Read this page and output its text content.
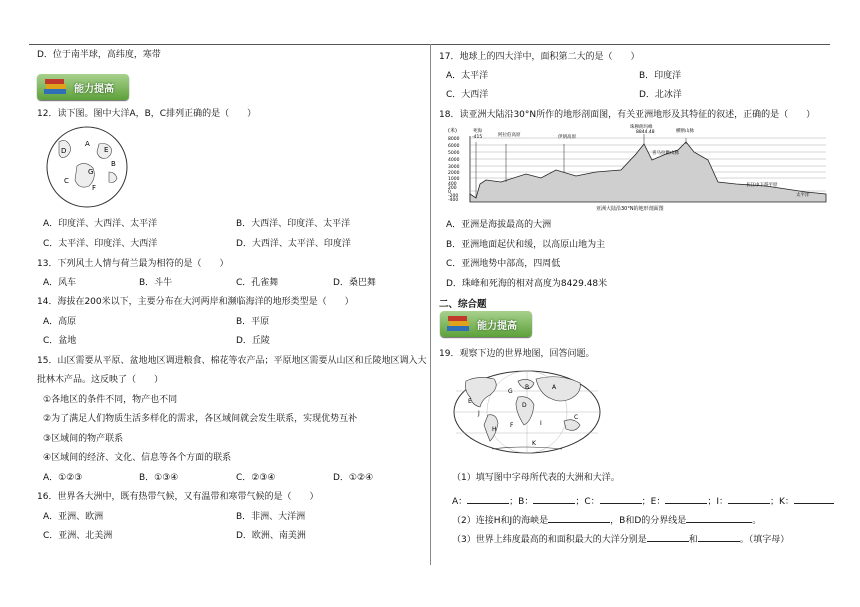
D．位于南半球，高纬度，寒带
能力提高
12．读下图。图中大洋A，B，C排列正确的是（　　）
D
A
E
B
G
C
F
A．印度洋、大西洋、太平洋	B．大西洋、印度洋、太平洋
C．太平洋、印度洋、大西洋	D．大西洋、太平洋、印度洋
13．下列风土人情与荷兰最为相符的是（　　）
A．风车	B．斗牛	C．孔雀舞	D．桑巴舞
14．海拔在200米以下，主要分布在大河两岸和濒临海洋的地形类型是（　　）
A．高原	B．平原
C．盆地	D．丘陵
15．山区需要从平原、盆地地区调进粮食、棉花等农产品；平原地区需要从山区和丘陵地区调入大
批林木产品。这反映了（　　）
①各地区的条件不同，物产也不同
②为了满足人们物质生活多样化的需求，各区域间就会发生联系，实现优势互补
③区域间的物产联系
④区域间的经济、文化、信息等各个方面的联系
A．①②③	B．①③④	C．②③④	D．①②④
16．世界各大洲中，既有热带气候，又有温带和寒带气候的是（　　）
A．亚洲、欧洲	B．非洲、大洋洲
C．亚洲、北美洲	D．欧洲、南美洲
17．地球上的四大洋中，面积第二大的是（　　）
A．太平洋	B．印度洋
C．大西洋	D．北冰洋
18．读亚洲大陆沿30°N所作的地形剖面图，有关亚洲地形及其特征的叙述，正确的是（　　）
(米)
8000
6000
5000
4000
3000
2000
1000
400
200
0
-200
-400
死海
-415	阿拉伯高原	伊朗高原
珠穆朗玛峰
8844.48	横断山脉
喜马拉雅山脉
长江中下游平原
太平洋
亚洲大陆沿30°N的地形剖面图
A．亚洲是海拔最高的大洲
B．亚洲地面起伏和缓，以高原山地为主
C．亚洲地势中部高，四周低
D．珠峰和死海的相对高度为8429.48米
二、综合题
能力提高
19．观察下边的世界地图，回答问题。
E
G
B
D
A
J
H
C
I
F
K
（1）填写图中字母所代表的大洲和大洋。
A：	；B：	；C：	；E：	；I：	；K：
（2）连接H和J的海峡是	，B和D的分界线是	。
（3）世界上纬度最高的和面积最大的大洋分别是	和	。（填字母）
